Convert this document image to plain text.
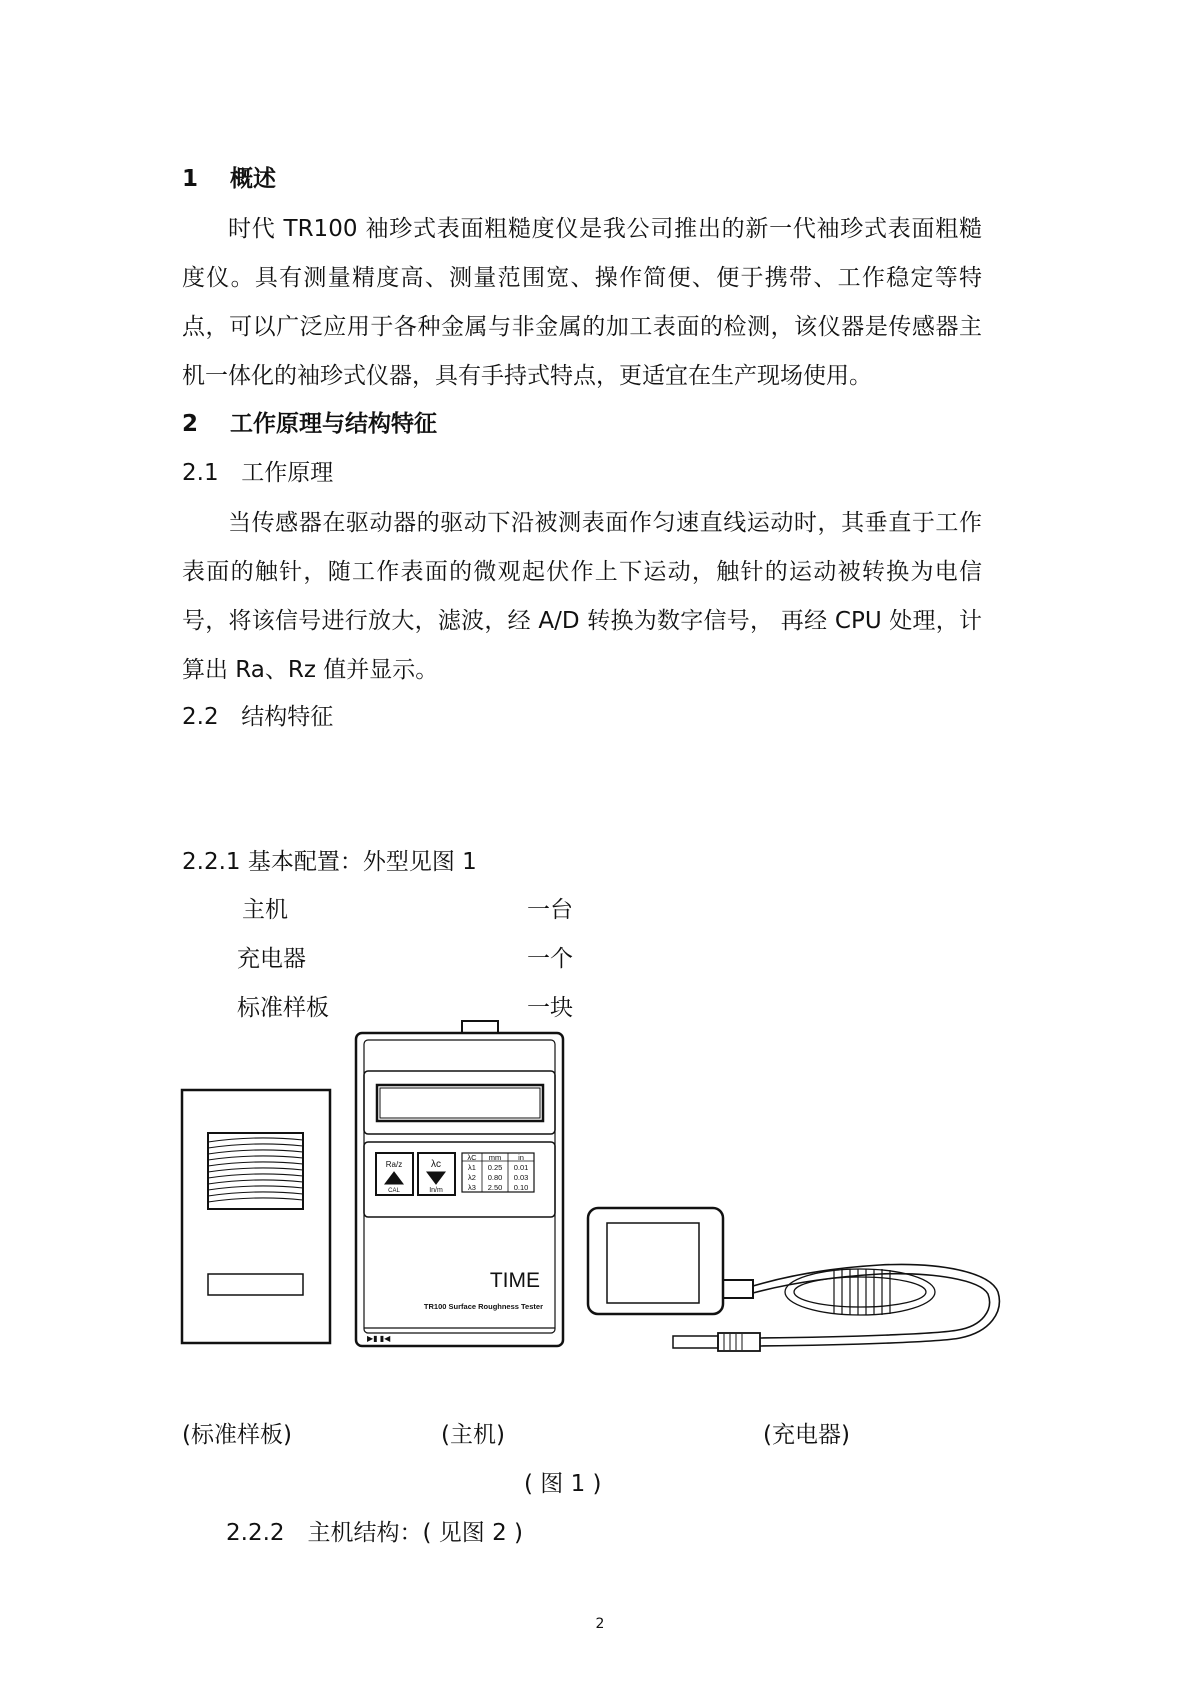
1 概述

时代 TR100 袖珍式表面粗糙度仪是我公司推出的新一代袖珍式表面粗糙度仪。具有测量精度高、测量范围宽、操作简便、便于携带、工作稳定等特点，可以广泛应用于各种金属与非金属的加工表面的检测，该仪器是传感器主机一体化的袖珍式仪器，具有手持式特点，更适宜在生产现场使用。

2 工作原理与结构特征
2.1 工作原理

当传感器在驱动器的驱动下沿被测表面作匀速直线运动时，其垂直于工作表面的触针，随工作表面的微观起伏作上下运动，触针的运动被转换为电信号，将该信号进行放大，滤波，经 A/D 转换为数字信号， 再经 CPU 处理，计算出 Ra、Rz 值并显示。

2.2 结构特征
2.2.1 基本配置：外型见图 1
主机	一台
充电器	一个
标准样板	一块
Ra/z
CAL
λc
In/m
λC mm in
λ1 0.25 0.01
λ2 0.80 0.03
λ3 2.50 0.10
TIME
TR100 Surface Roughness Tester
▶▮ ▮◀
(标准样板)	(主机)	(充电器)
( 图 1 )
2.2.2　主机结构：( 见图 2 )
2
